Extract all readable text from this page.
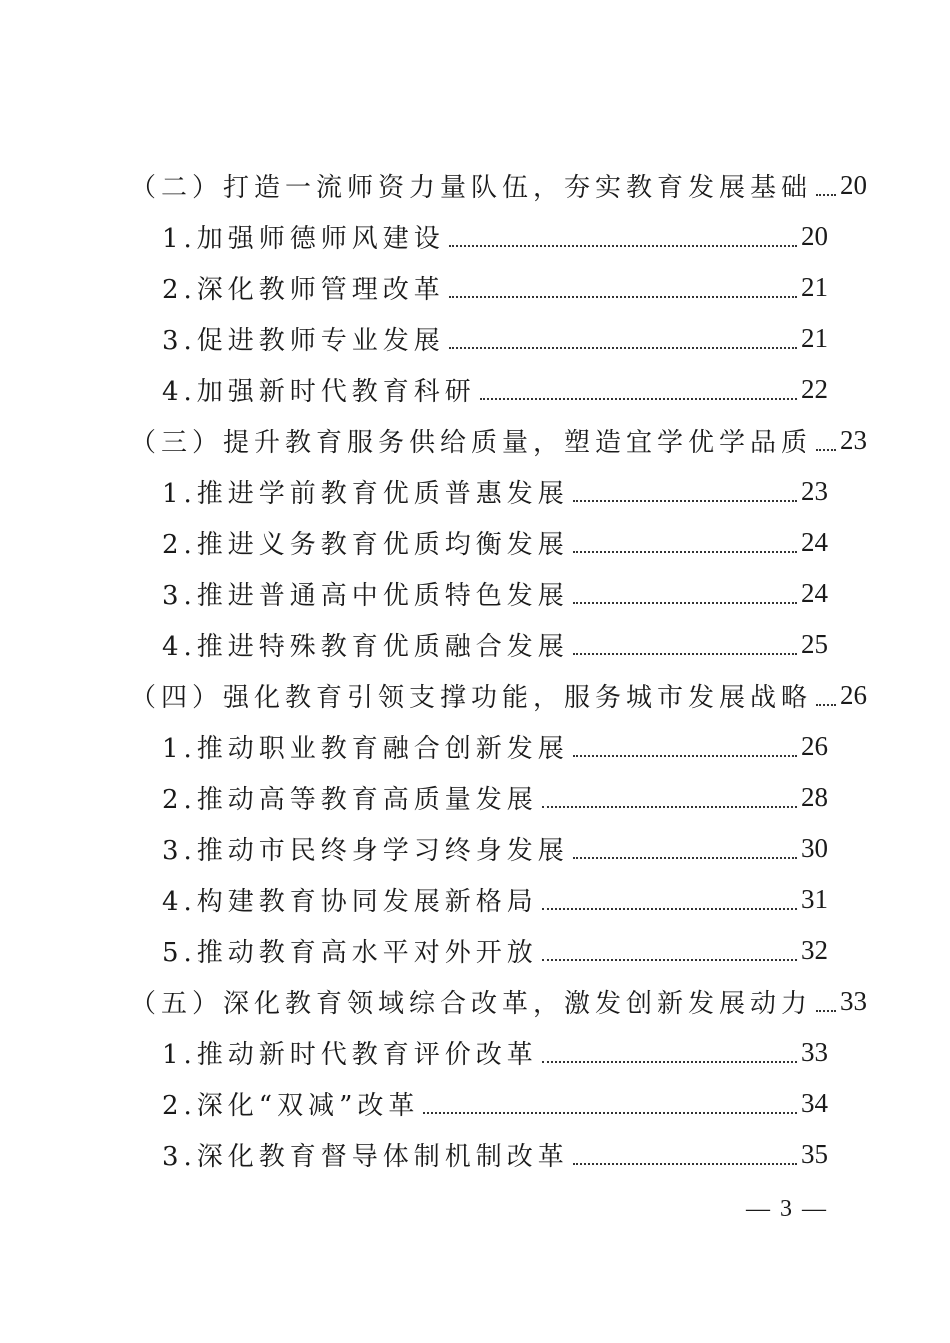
（二）打造一流师资力量队伍，夯实教育发展基础 20
1.加强师德师风建设	20
2.深化教师管理改革	21
3.促进教师专业发展	21
4.加强新时代教育科研	22
（三）提升教育服务供给质量，塑造宜学优学品质 23
1.推进学前教育优质普惠发展	23
2.推进义务教育优质均衡发展	24
3.推进普通高中优质特色发展	24
4.推进特殊教育优质融合发展	25
（四）强化教育引领支撑功能，服务城市发展战略 26
1.推动职业教育融合创新发展	26
2.推动高等教育高质量发展	28
3.推动市民终身学习终身发展	30
4.构建教育协同发展新格局	31
5.推动教育高水平对外开放	32
（五）深化教育领域综合改革，激发创新发展动力 33
1.推动新时代教育评价改革	33
2.深化“双减”改革	34
3.深化教育督导体制机制改革	35
— 3 —
